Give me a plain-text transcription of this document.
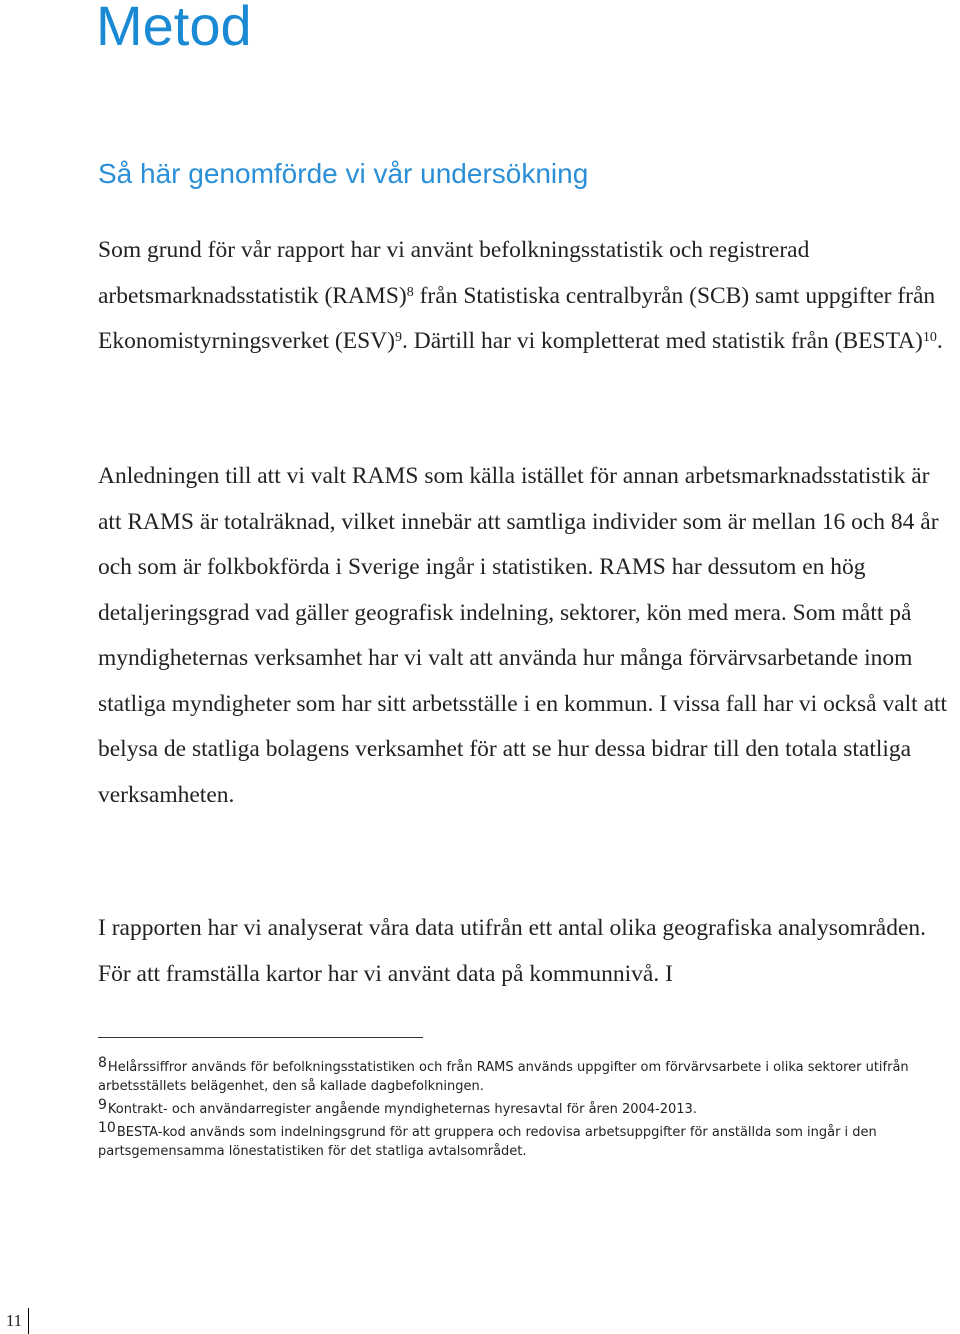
Metod
Så här genomförde vi vår undersökning

Som grund för vår rapport har vi använt befolkningsstatistik och registrerad arbetsmarknadsstatistik (RAMS)$^8$ från Statistiska centralbyrån (SCB) samt uppgifter från Ekonomistyrningsverket (ESV)$^9$. Därtill har vi kompletterat med statistik från (BESTA)$^{10}$.

Anledningen till att vi valt RAMS som källa istället för annan arbetsmarknadsstatistik är att RAMS är totalräknad, vilket innebär att samtliga individer som är mellan 16 och 84 år och som är folkbokförda i Sverige ingår i statistiken. RAMS har dessutom en hög detaljeringsgrad vad gäller geografisk indelning, sektorer, kön med mera. Som mått på myndigheternas verksamhet har vi valt att använda hur många förvärvsarbetande inom statliga myndigheter som har sitt arbetsställe i en kommun. I vissa fall har vi också valt att belysa de statliga bolagens verksamhet för att se hur dessa bidrar till den totala statliga verksamheten.

I rapporten har vi analyserat våra data utifrån ett antal olika geografiska analysområden. För att framställa kartor har vi använt data på kommunnivå. I

$^8$Helårssiffror används för befolkningsstatistiken och från RAMS används uppgifter om förvärvsarbete i olika sektorer utifrån arbetsställets belägenhet, den så kallade dagbefolkningen.

$^9$Kontrakt- och användarregister angående myndigheternas hyresavtal för åren 2004-2013.

$^{10}$BESTA-kod används som indelningsgrund för att gruppera och redovisa arbetsuppgifter för anställda som ingår i den partsgemensamma lönestatistiken för det statliga avtalsområdet.

11
